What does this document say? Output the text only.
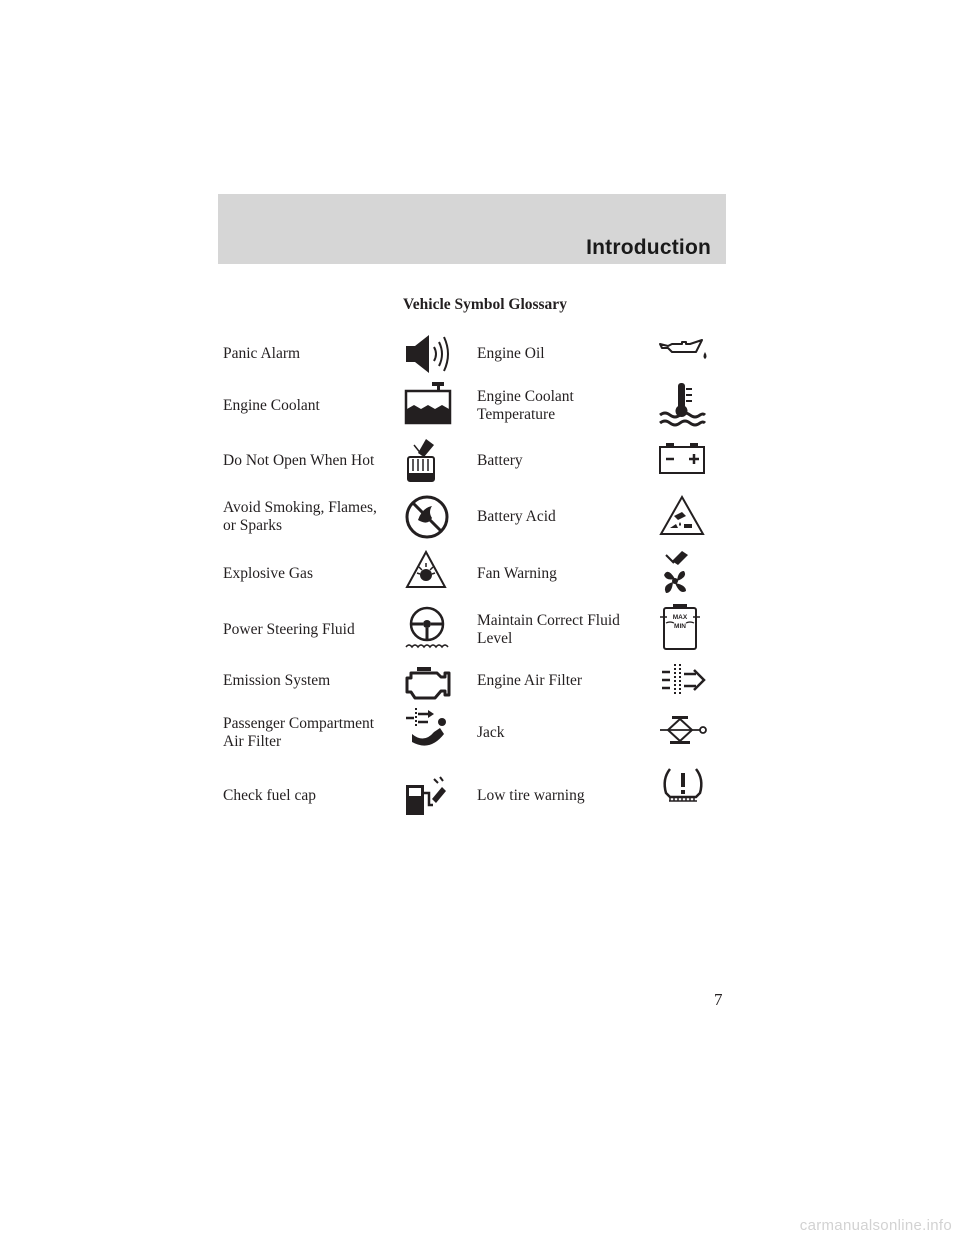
Introduction
Vehicle Symbol Glossary
Panic Alarm
Engine Coolant
Do Not Open When Hot
Avoid Smoking, Flames,
or Sparks
Explosive Gas
Power Steering Fluid
Emission System
Passenger Compartment
Air Filter
Check fuel cap
Engine Oil
Engine Coolant
Temperature
Battery
Battery Acid
Fan Warning
Maintain Correct Fluid
Level
MAX
MIN
Engine Air Filter
Jack
Low tire warning
7
carmanualsonline.info
